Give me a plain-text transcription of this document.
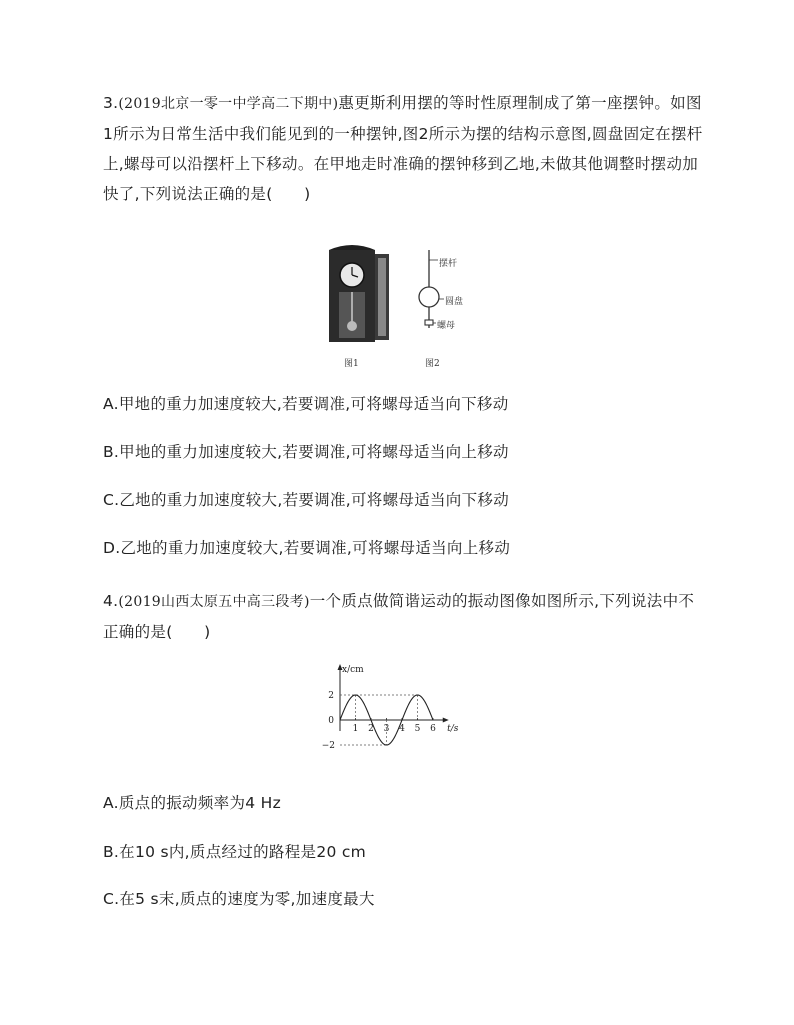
3.(2019北京一零一中学高二下期中)惠更斯利用摆的等时性原理制成了第一座摆钟。如图1所示为日常生活中我们能见到的一种摆钟,图2所示为摆的结构示意图,圆盘固定在摆杆上,螺母可以沿摆杆上下移动。在甲地走时准确的摆钟移到乙地,未做其他调整时摆动加快了,下列说法正确的是(　　)
图1
摆杆
圆盘
螺母
图2
A.甲地的重力加速度较大,若要调准,可将螺母适当向下移动
B.甲地的重力加速度较大,若要调准,可将螺母适当向上移动
C.乙地的重力加速度较大,若要调准,可将螺母适当向下移动
D.乙地的重力加速度较大,若要调准,可将螺母适当向上移动
4.(2019山西太原五中高三段考)一个质点做简谐运动的振动图像如图所示,下列说法中不正确的是(　　)
1 2 3 4 5 6
2
0
−2
x/cm
t/s
A.质点的振动频率为4 Hz
B.在10 s内,质点经过的路程是20 cm
C.在5 s末,质点的速度为零,加速度最大
